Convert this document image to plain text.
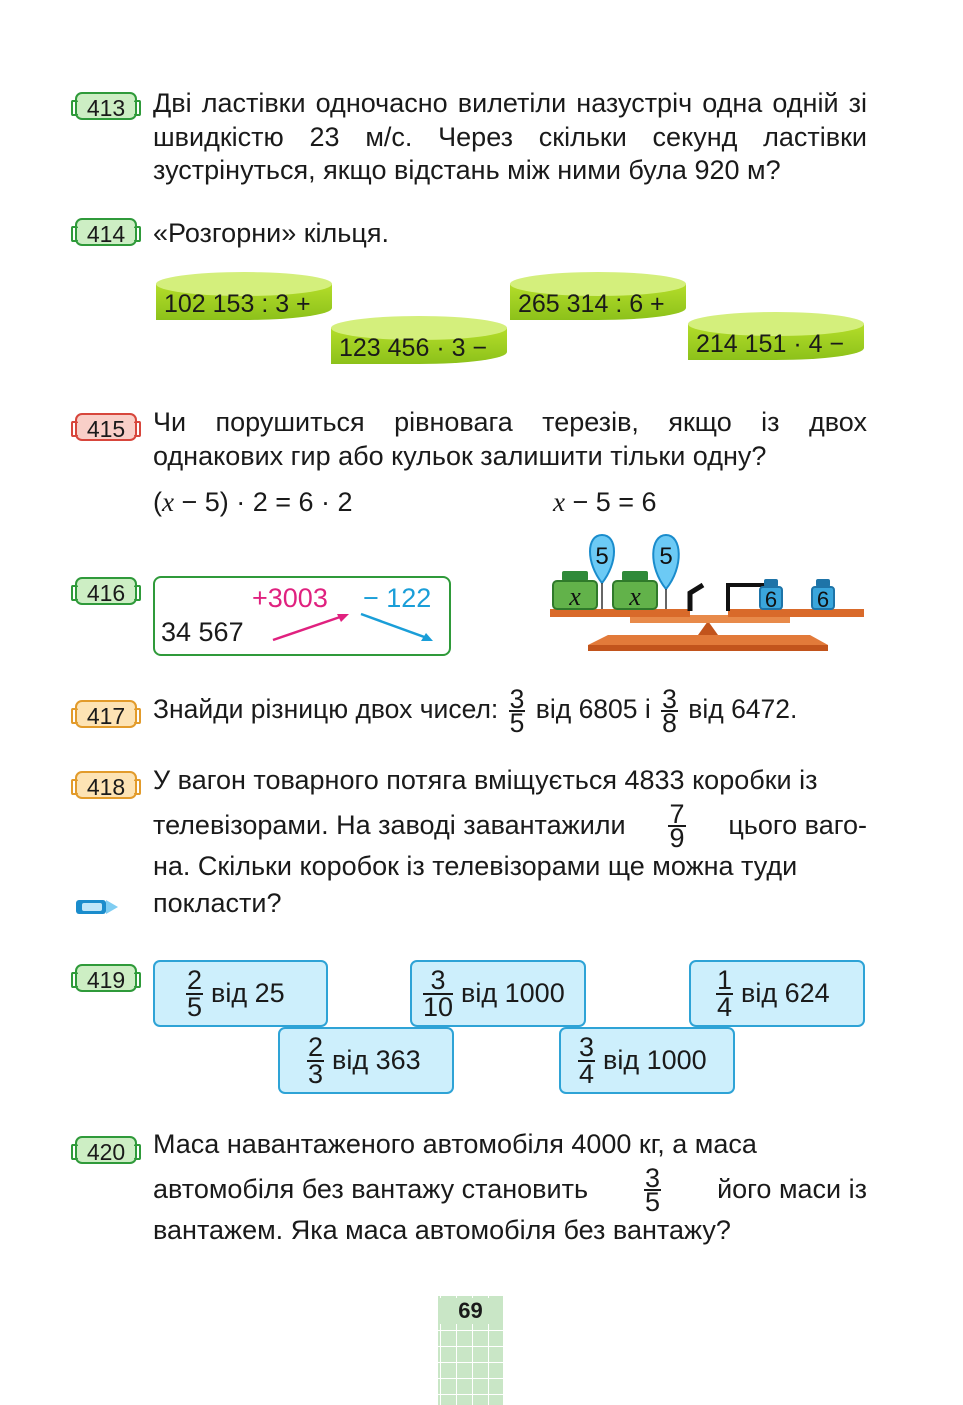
413	Дві ластівки одночасно вилетіли назустріч одна одній зі швидкістю 23 м/с. Через скільки секунд ластівки зустрінуться, якщо відстань між ними була 920 м?
414	«Розгорни» кільця.
102 153 : 3 +
123 456 · 3 −
265 314 : 6 +
214 151 · 4 −
415	Чи порушиться рівновага терезів, якщо із двох однакових гир або кульок залишити тільки одну?
(x − 5) · 2 = 6 · 2	x − 5 = 6
x x
5 5
6 6
416
34 567
+3003 − 122
417	Знайди різницю двох чисел: $\frac{3}{5}$ від 6805 і $\frac{3}{8}$ від 6472.
418	У вагон товарного потяга вміщується 4833 коробки із
телевізорами. На заводі завантажили $\frac{7}{9}$ цього ваго-
на. Скільки коробок із телевізорами ще можна туди
покласти?
419	$\frac{2}{5}$ від 25	$\frac{3}{10}$ від 1000	$\frac{1}{4}$ від 624
$\frac{2}{3}$ від 363	$\frac{3}{4}$ від 1000
420	Маса навантаженого автомобіля 4000 кг, а маса
автомобіля без вантажу становить $\frac{3}{5}$ його маси із
вантажем. Яка маса автомобіля без вантажу?
69
